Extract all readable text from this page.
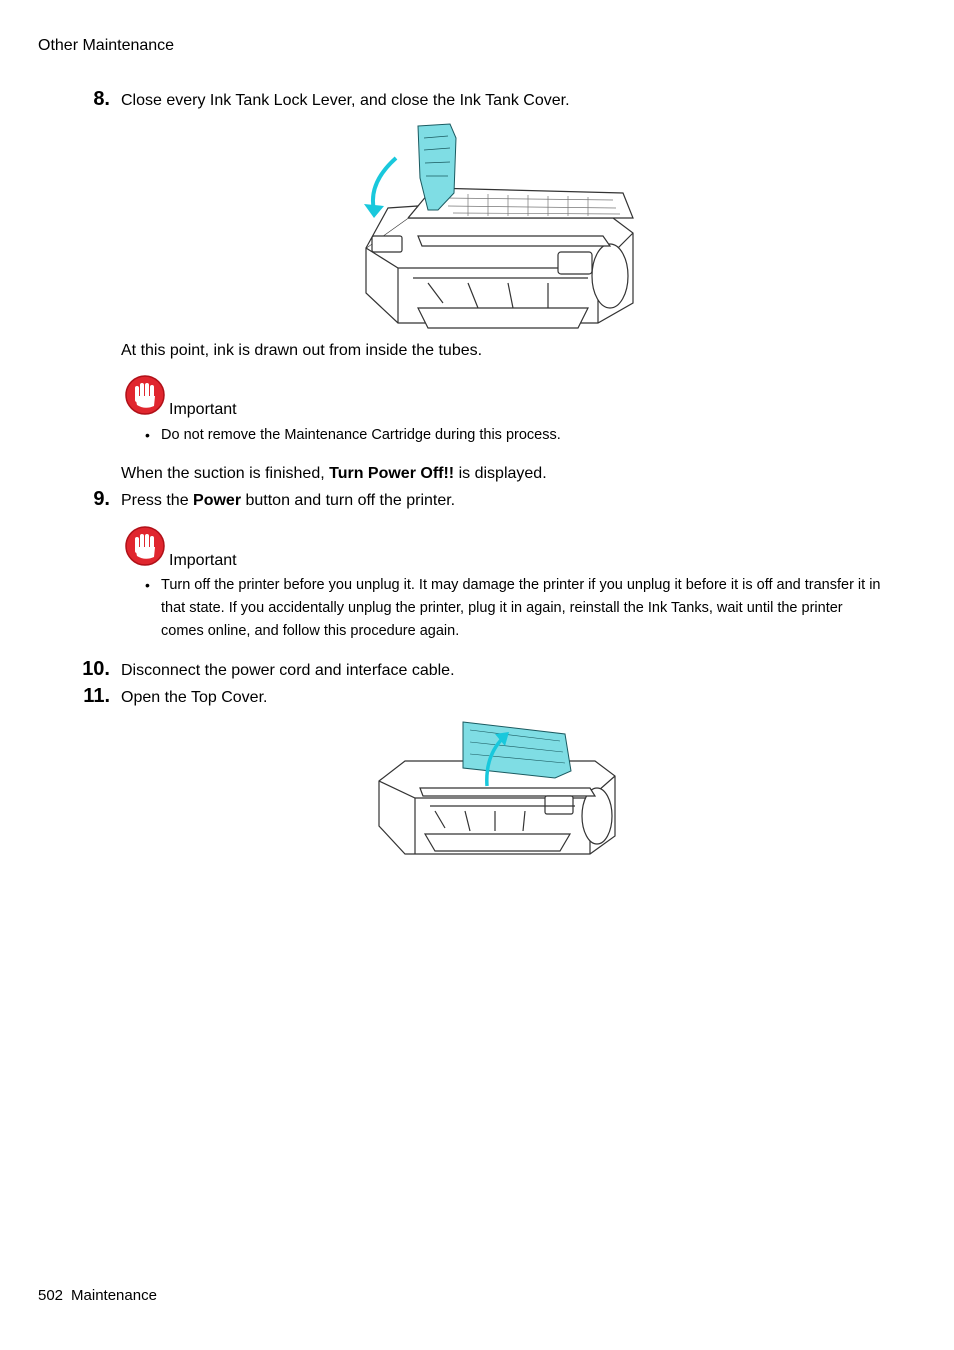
Other Maintenance
8. Close every Ink Tank Lock Lever, and close the Ink Tank Cover.
At this point, ink is drawn out from inside the tubes.
Important
• Do not remove the Maintenance Cartridge during this process.
When the suction is finished, Turn Power Off!! is displayed.
9. Press the Power button and turn off the printer.
Important
• Turn off the printer before you unplug it. It may damage the printer if you unplug it before it is off and transfer it in that state. If you accidentally unplug the printer, plug it in again, reinstall the Ink Tanks, wait until the printer comes online, and follow this procedure again.
10. Disconnect the power cord and interface cable.
11. Open the Top Cover.
502 Maintenance
